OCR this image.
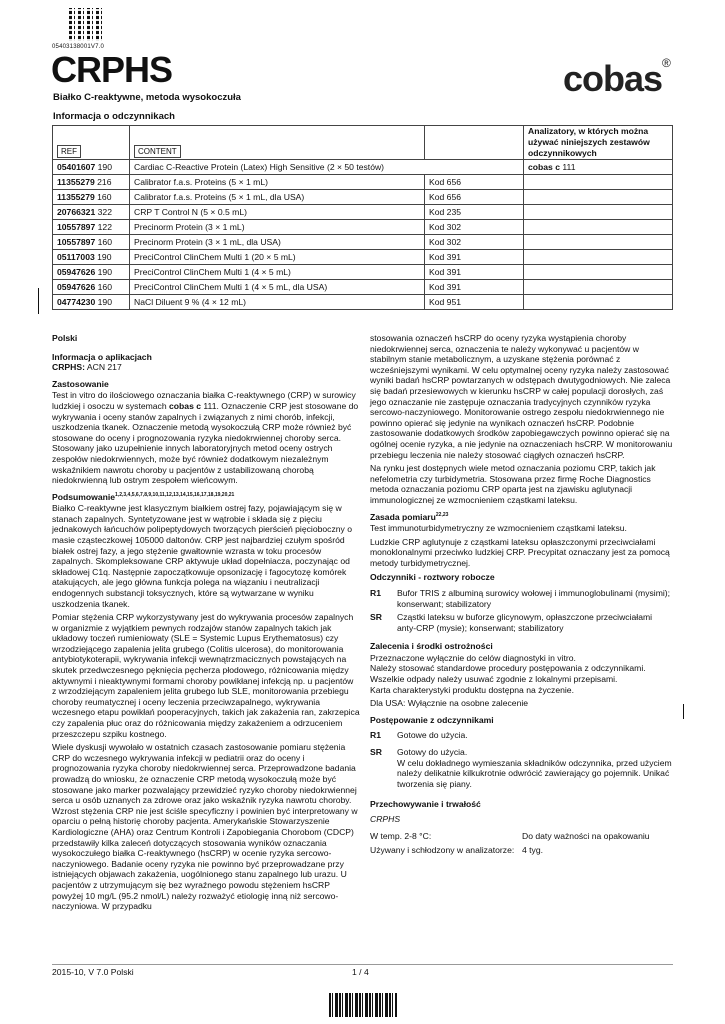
05403138001V7.0
CRPHS	cobas®
Białko C-reaktywne, metoda wysokoczuła
Informacja o odczynnikach
REF	CONTENT		Analizatory, w których można używać niniejszych zestawów odczynnikowych
05401607 190	Cardiac C-Reactive Protein (Latex) High Sensitive (2 × 50 testów)		cobas c 111
11355279 216	Calibrator f.a.s. Proteins (5 × 1 mL)	Kod 656	
11355279 160	Calibrator f.a.s. Proteins (5 × 1 mL, dla USA)	Kod 656	
20766321 322	CRP T Control N (5 × 0.5 mL)	Kod 235	
10557897 122	Precinorm Protein (3 × 1 mL)	Kod 302	
10557897 160	Precinorm Protein (3 × 1 mL, dla USA)	Kod 302	
05117003 190	PreciControl ClinChem Multi 1 (20 × 5 mL)	Kod 391	
05947626 190	PreciControl ClinChem Multi 1 (4 × 5 mL)	Kod 391	
05947626 160	PreciControl ClinChem Multi 1 (4 × 5 mL, dla USA)	Kod 391	
04774230 190	NaCl Diluent 9 % (4 × 12 mL)	Kod 951	

Polski

Informacja o aplikacjach

CRPHS: ACN 217

Zastosowanie

Test in vitro do ilościowego oznaczania białka C-reaktywnego (CRP) w surowicy ludzkiej i osoczu w systemach cobas c 111. Oznaczenie CRP jest stosowane do wykrywania i oceny stanów zapalnych i związanych z nimi chorób, infekcji, uszkodzenia tkanek. Oznaczenie metodą wysokoczułą CRP może również być stosowane do oceny i prognozowania ryzyka niedokrwiennej choroby serca. Stosowany jako uzupełnienie innych laboratoryjnych metod oceny ostrych zespołów niedokrwiennych, może być również dodatkowym niezależnym wskaźnikiem nawrotu choroby u pacjentów z ustabilizowaną chorobą niedokrwienną lub ostrym zespołem wieńcowym.

Podsumowanie$^{1,2,3,4,5,6,7,8,9,10,11,12,13,14,15,16,17,18,19,20,21}$

Białko C-reaktywne jest klasycznym białkiem ostrej fazy, pojawiającym się w stanach zapalnych. Syntetyzowane jest w wątrobie i składa się z pięciu jednakowych łańcuchów polipeptydowych tworzących pierścień pięcioboczny o masie cząsteczkowej 105000 daltonów. CRP jest najbardziej czułym spośród białek ostrej fazy, a jego stężenie gwałtownie wzrasta w toku procesów zapalnych. Skompleksowane CRP aktywuje układ dopełniacza, poczynając od składowej C1q. Następnie zapoczątkowuje opsonizację i fagocytozę komórek atakujących, ale jego główna funkcja polega na wiązaniu i neutralizacji endogennych substancji toksycznych, które są wytwarzane w wyniku uszkodzenia tkanek.

Pomiar stężenia CRP wykorzystywany jest do wykrywania procesów zapalnych w organizmie z wyjątkiem pewnych rodzajów stanów zapalnych takich jak układowy toczeń rumieniowaty (SLE = Systemic Lupus Erythematosus) czy wrzodziejącego zapalenia jelita grubego (Colitis ulcerosa), do monitorowania antybiotykoterapii, wykrywania infekcji wewnątrzmacicznych powstających na skutek przedwczesnego pęknięcia pęcherza płodowego, różnicowania między aktywnymi i nieaktywnymi formami choroby powikłanej infekcją np. u pacjentów z wrzodziejącym zapaleniem jelita grubego lub SLE, monitorowania przebiegu choroby reumatycznej i oceny leczenia przeciwzapalnego, wykrywania wczesnego etapu powikłań pooperacyjnych, takich jak zakażenia ran, zakrzepica czy zapalenia płuc oraz do różnicowania między zakażeniem a odrzuceniem przeszczepu szpiku kostnego.

Wiele dyskusji wywołało w ostatnich czasach zastosowanie pomiaru stężenia CRP do wczesnego wykrywania infekcji w pediatrii oraz do oceny i prognozowania ryzyka choroby niedokrwiennej serca. Przeprowadzone badania prowadzą do wniosku, że oznaczenie CRP metodą wysokoczułą może być stosowane jako marker pozwalający przewidzieć ryzyko choroby niedokrwiennej serca u osób uznanych za zdrowe oraz jako wskaźnik ryzyka nawrotu choroby. Wzrost stężenia CRP nie jest ściśle specyficzny i powinien być interpretowany w oparciu o pełną historię choroby pacjenta. Amerykańskie Stowarzyszenie Kardiologiczne (AHA) oraz Centrum Kontroli i Zapobiegania Chorobom (CDCP) przedstawiły kilka zaleceń dotyczących stosowania wyników oznaczania wysokoczułego białka C-reaktywnego (hsCRP) w ocenie ryzyka sercowo-naczyniowego. Badanie oceny ryzyka nie powinno być przeprowadzane przy istniejących objawach zakażenia, uogólnionego stanu zapalnego lub urazu. U pacjentów z utrzymującym się bez wyraźnego powodu stężeniem hsCRP powyżej 10 mg/L (95.2 nmol/L) należy rozważyć etiologię inną niż sercowo-naczyniowa. W przypadku

stosowania oznaczeń hsCRP do oceny ryzyka wystąpienia choroby niedokrwiennej serca, oznaczenia te należy wykonywać u pacjentów w stabilnym stanie metabolicznym, a uzyskane stężenia porównać z wcześniejszymi wynikami. W celu optymalnej oceny ryzyka należy zastosować wyniki badań hsCRP powtarzanych w odstępach dwutygodniowych. Nie zaleca się badań przesiewowych w kierunku hsCRP w całej populacji dorosłych, zaś jego oznaczanie nie zastępuje oznaczania tradycyjnych czynników ryzyka sercowo-naczyniowego. Monitorowanie ostrego zespołu niedokrwiennego nie powinno opierać się jedynie na wynikach oznaczeń hsCRP. Podobnie zastosowanie dodatkowych środków zapobiegawczych powinno opierać się na ogólnej ocenie ryzyka, a nie jedynie na oznaczeniach hsCRP. W monitorowaniu przebiegu leczenia nie należy stosować ciągłych oznaczeń hsCRP.

Na rynku jest dostępnych wiele metod oznaczania poziomu CRP, takich jak nefelometria czy turbidymetria. Stosowana przez firmę Roche Diagnostics metoda oznaczania poziomu CRP oparta jest na zjawisku aglutynacji immunologicznej ze wzmocnieniem cząstkami lateksu.

Zasada pomiaru$^{22,23}$

Test immunoturbidymetryczny ze wzmocnieniem cząstkami lateksu.

Ludzkie CRP aglutynuje z cząstkami lateksu opłaszczonymi przeciwciałami monoklonalnymi przeciwko ludzkiej CRP. Precypitat oznaczany jest za pomocą metody turbidymetrycznej.

Odczynniki - roztwory robocze
R1	Bufor TRIS z albuminą surowicy wołowej i immunoglobulinami (mysimi); konserwant; stabilizatory
SR	Cząstki lateksu w buforze glicynowym, opłaszczone przeciwciałami anty-CRP (mysie); konserwant; stabilizatory
Zalecenia i środki ostrożności
Przeznaczone wyłącznie do celów diagnostyki in vitro.
Należy stosować standardowe procedury postępowania z odczynnikami.
Wszelkie odpady należy usuwać zgodnie z lokalnymi przepisami.
Karta charakterystyki produktu dostępna na życzenie.
Dla USA: Wyłącznie na osobne zalecenie
Postępowanie z odczynnikami
R1	Gotowe do użycia.
SR	Gotowy do użycia.
W celu dokładnego wymieszania składników odczynnika, przed użyciem należy delikatnie kilkukrotnie odwrócić zawierający go pojemnik. Unikać tworzenia się piany.
Przechowywanie i trwałość
CRPHS
W temp. 2-8 °C:	Do daty ważności na opakowaniu
Używany i schłodzony w analizatorze: 4 tyg.
2015-10, V 7.0 Polski	1 / 4
